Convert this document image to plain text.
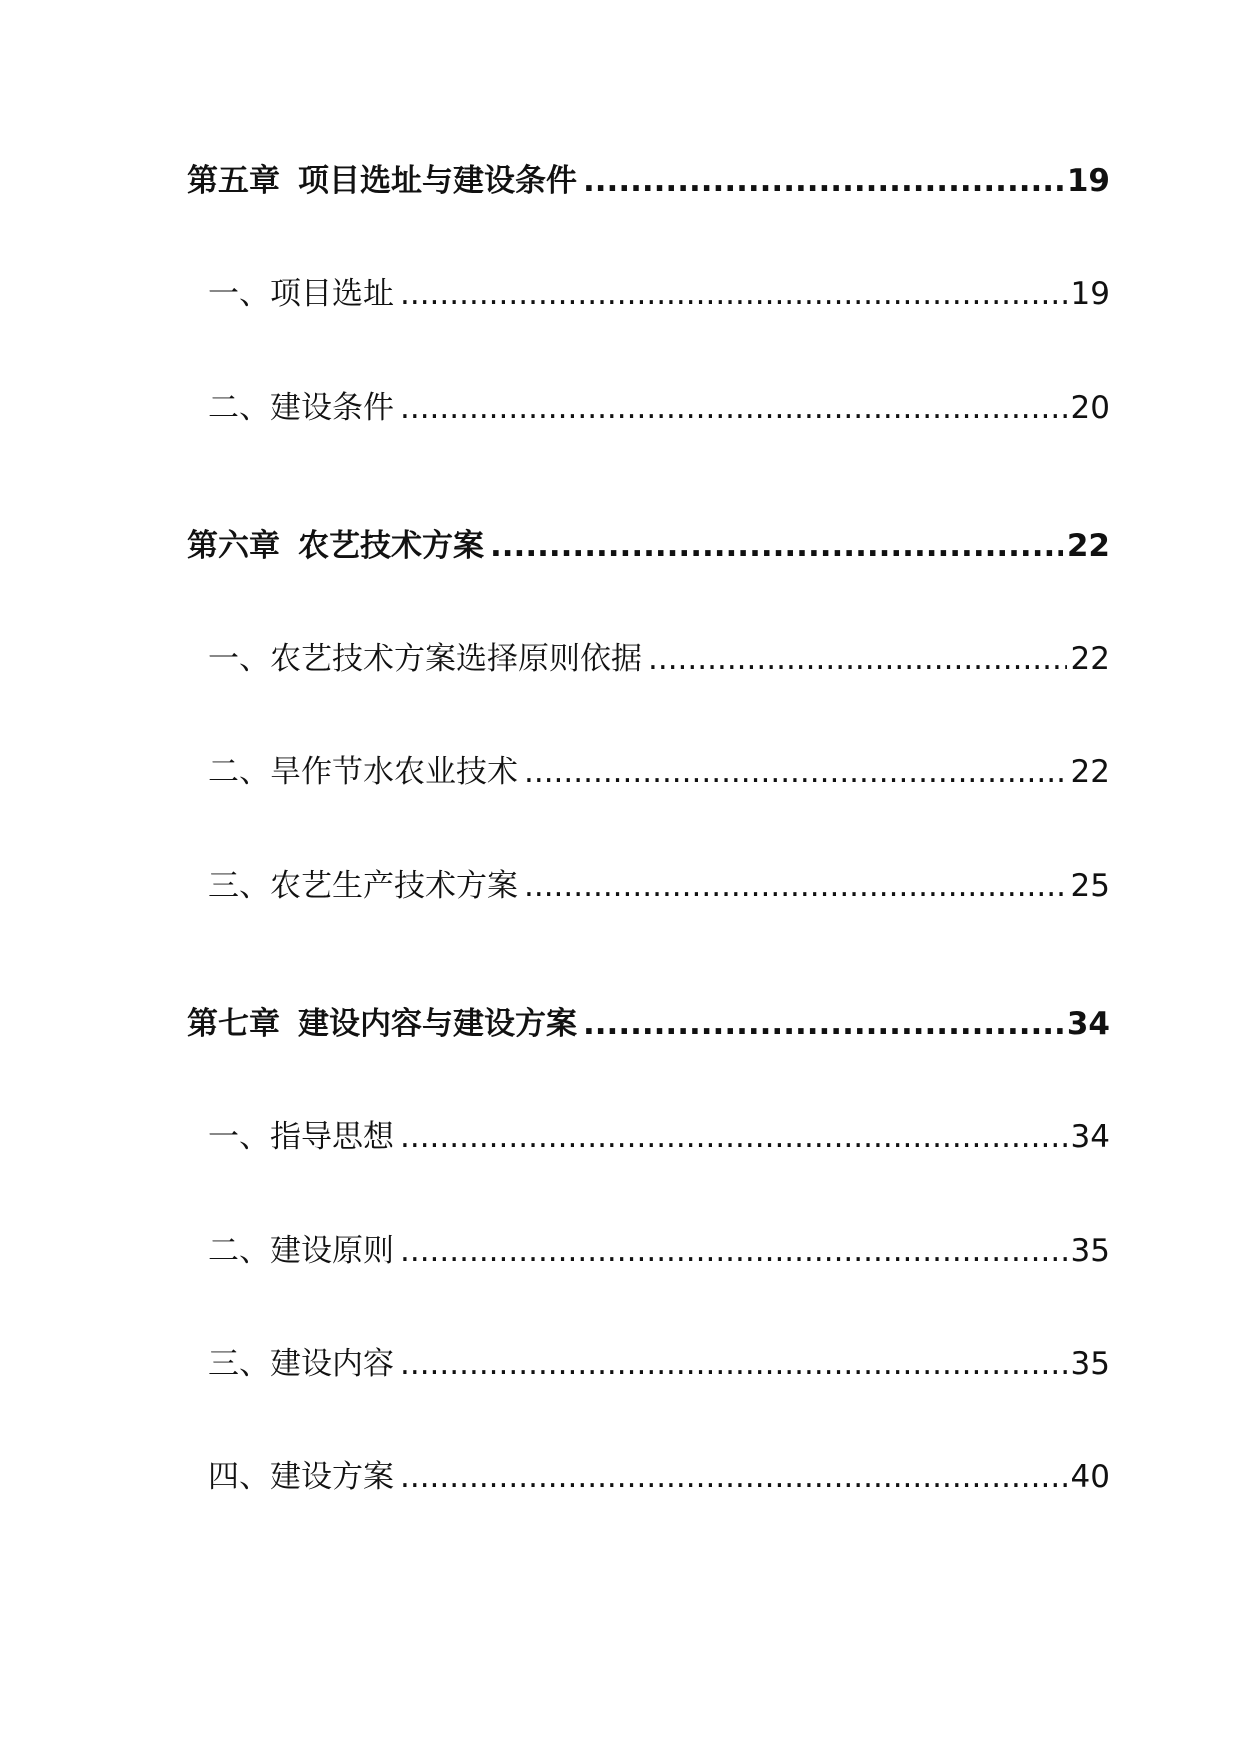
第五章 项目选址与建设条件 .....	19
一、项目选址 .....	19
二、建设条件 .....	20
第六章 农艺技术方案 .....	22
一、农艺技术方案选择原则依据 .....	22
二、旱作节水农业技术 .....	22
三、农艺生产技术方案 .....	25
第七章 建设内容与建设方案 .....	34
一、指导思想 .....	34
二、建设原则 .....	35
三、建设内容 .....	35
四、建设方案 .....	40
